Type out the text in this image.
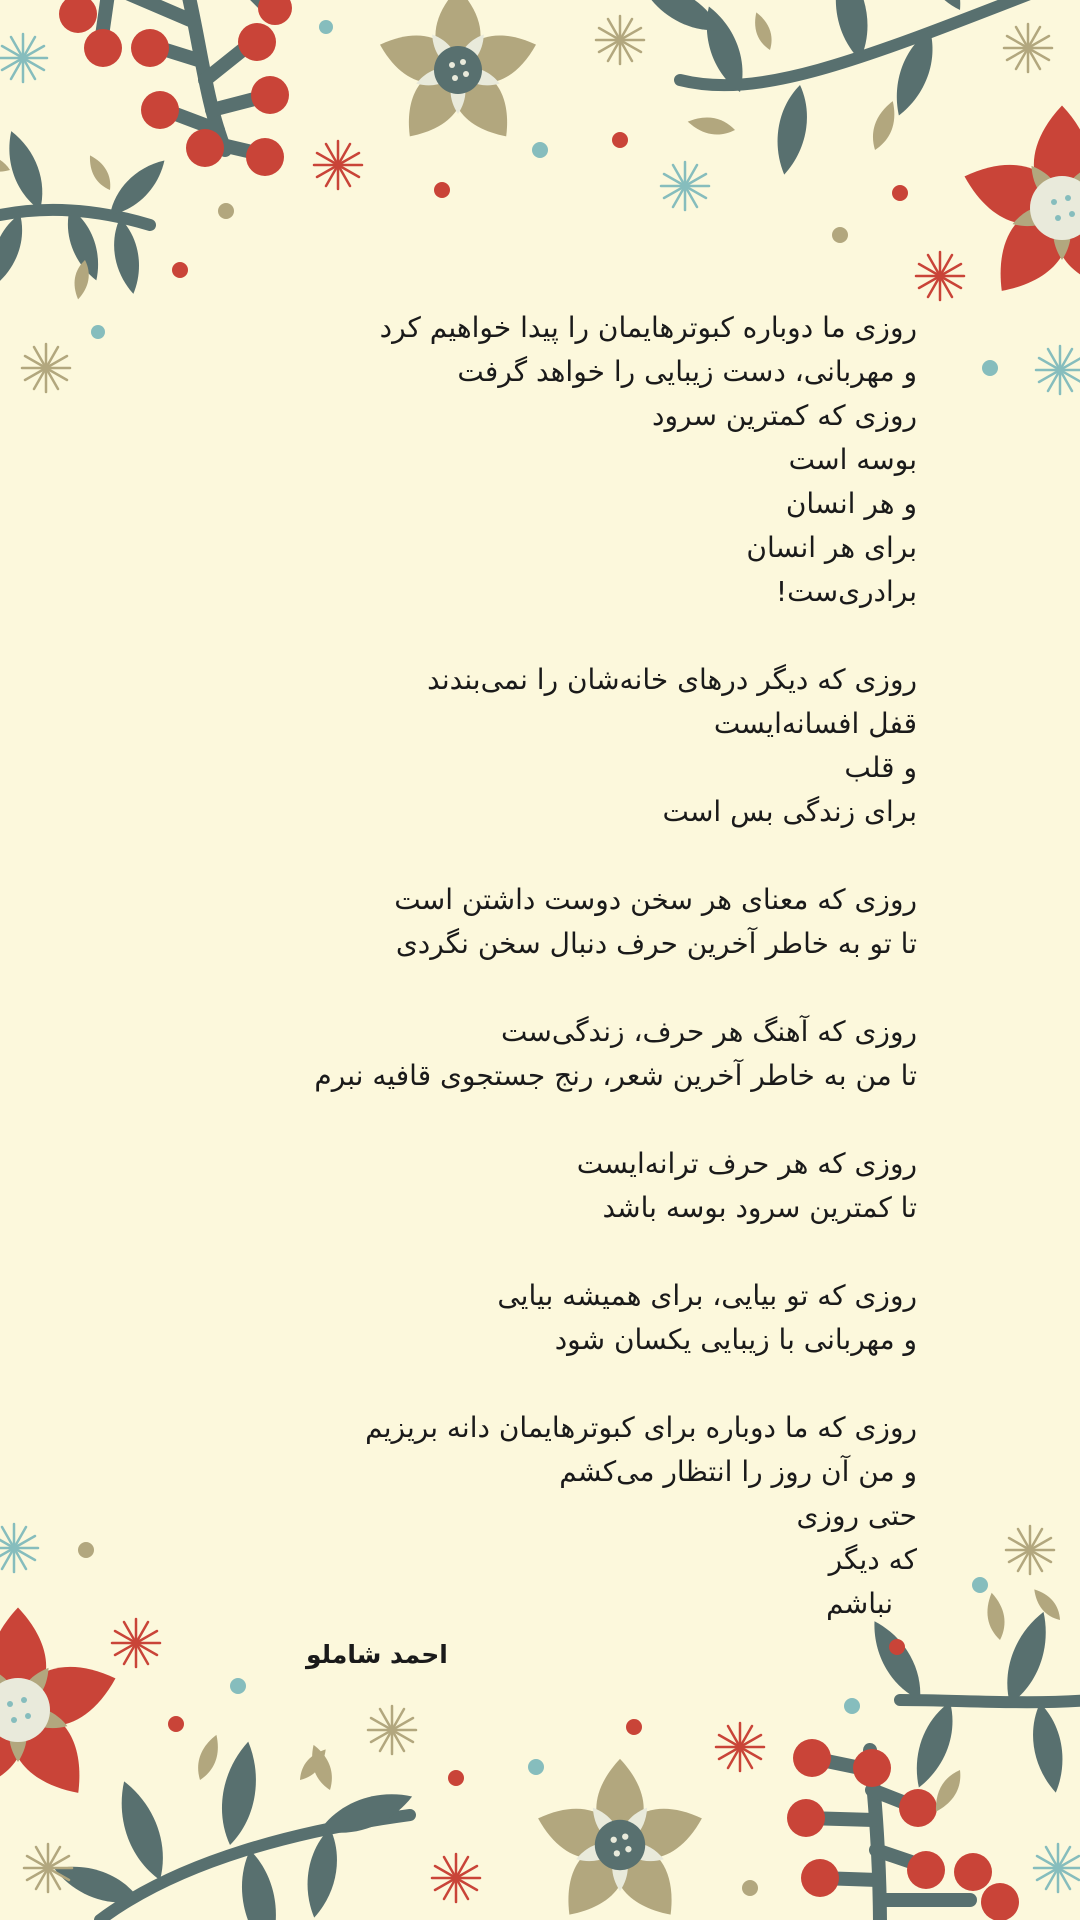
روزی ما دوباره کبوترهایمان را پیدا خواهیم کرد
و مهربانی، دست زیبایی را خواهد گرفت
روزی که کمترین سرود
بوسه است
و هر انسان
برای هر انسان
برادری‌ست!
روزی که دیگر درهای خانه‌شان را نمی‌بندند
قفل افسانه‌ایست
و قلب
برای زندگی بس است
روزی که معنای هر سخن دوست داشتن است
تا تو به خاطر آخرین حرف دنبال سخن نگردی
روزی که آهنگ هر حرف، زندگی‌ست
تا من به خاطر آخرین شعر، رنج جستجوی قافیه نبرم
روزی که هر حرف ترانه‌ایست
تا کمترین سرود بوسه باشد
روزی که تو بیایی، برای همیشه بیایی
و مهربانی با زیبایی یکسان شود
روزی که ما دوباره برای کبوترهایمان دانه بریزیم
و من آن روز را انتظار می‌کشم
حتی روزی
که دیگر
نباشم
احمد شاملو
